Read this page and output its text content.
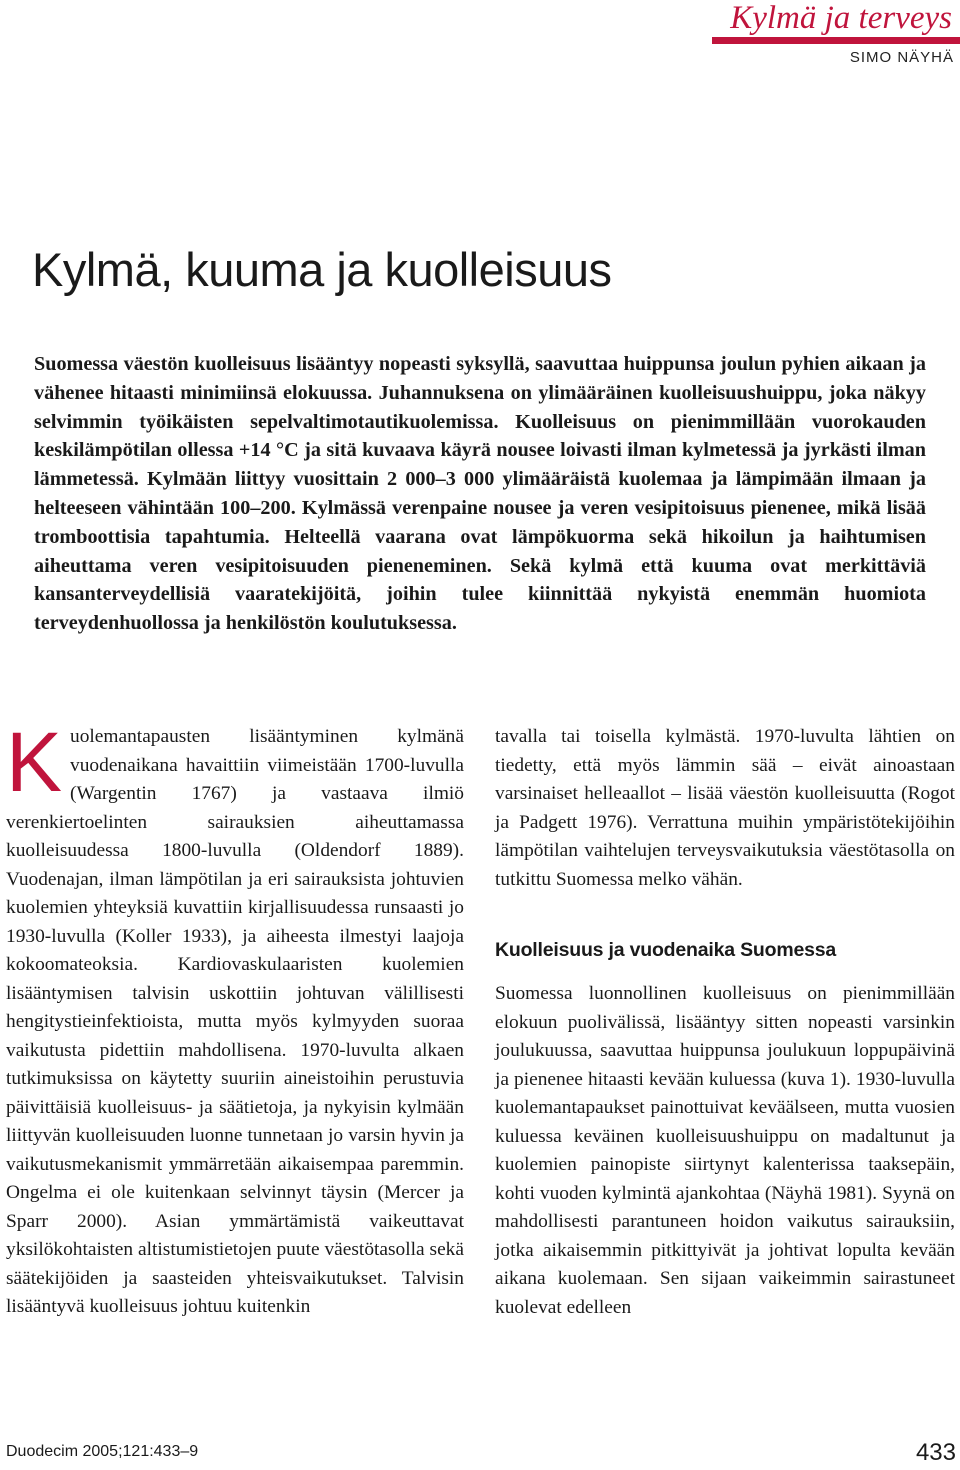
Kylmä ja terveys
SIMO NÄYHÄ
Kylmä, kuuma ja kuolleisuus

Suomessa väestön kuolleisuus lisääntyy nopeasti syksyllä, saavuttaa huippunsa joulun pyhien aikaan ja vähenee hitaasti minimiinsä elokuussa. Juhannuksena on ylimääräinen kuolleisuushuippu, joka näkyy selvimmin työikäisten sepelvaltimotautikuolemissa. Kuolleisuus on pienimmillään vuorokauden keskilämpötilan ollessa +14 °C ja sitä kuvaava käyrä nousee loivasti ilman kylmetessä ja jyrkästi ilman lämmetessä. Kylmään liittyy vuosittain 2 000–3 000 ylimääräistä kuolemaa ja lämpimään ilmaan ja helteeseen vähintään 100–200. Kylmässä verenpaine nousee ja veren vesipitoisuus pienenee, mikä lisää tromboottisia tapahtumia. Helteellä vaarana ovat lämpökuorma sekä hikoilun ja haihtumisen aiheuttama veren vesipitoisuuden pieneneminen. Sekä kylmä että kuuma ovat merkittäviä kansanterveydellisiä vaaratekijöitä, joihin tulee kiinnittää nykyistä enemmän huomiota terveydenhuollossa ja henkilöstön koulutuksessa.

Kuolemantapausten lisääntyminen kylmänä vuodenaikana havaittiin viimeistään 1700-luvulla (Wargentin 1767) ja vastaava ilmiö verenkiertoelinten sairauksien aiheuttamassa kuolleisuudessa 1800-luvulla (Oldendorf 1889). Vuodenajan, ilman lämpötilan ja eri sairauksista johtuvien kuolemien yhteyksiä kuvattiin kirjallisuudessa runsaasti jo 1930-luvulla (Koller 1933), ja aiheesta ilmestyi laajoja kokoomateoksia. Kardiovaskulaaristen kuolemien lisääntymisen talvisin uskottiin johtuvan välillisesti hengitystieinfektioista, mutta myös kylmyyden suoraa vaikutusta pidettiin mahdollisena. 1970-luvulta alkaen tutkimuksissa on käytetty suuriin aineistoihin perustuvia päivittäisiä kuolleisuus- ja säätietoja, ja nykyisin kylmään liittyvän kuolleisuuden luonne tunnetaan jo varsin hyvin ja vaikutusmekanismit ymmärretään aikaisempaa paremmin. Ongelma ei ole kuitenkaan selvinnyt täysin (Mercer ja Sparr 2000). Asian ymmärtämistä vaikeuttavat yksilökohtaisten altistumistietojen puute väestötasolla sekä säätekijöiden ja saasteiden yhteisvaikutukset. Talvisin lisääntyvä kuolleisuus johtuu kuitenkin

tavalla tai toisella kylmästä. 1970-luvulta lähtien on tiedetty, että myös lämmin sää – eivät ainoastaan varsinaiset helleaallot – lisää väestön kuolleisuutta (Rogot ja Padgett 1976). Verrattuna muihin ympäristötekijöihin lämpötilan vaihtelujen terveysvaikutuksia väestötasolla on tutkittu Suomessa melko vähän.

Kuolleisuus ja vuodenaika Suomessa

Suomessa luonnollinen kuolleisuus on pienimmillään elokuun puolivälissä, lisääntyy sitten nopeasti varsinkin joulukuussa, saavuttaa huippunsa joulukuun loppupäivinä ja pienenee hitaasti kevään kuluessa (kuva 1). 1930-luvulla kuolemantapaukset painottuivat keväälseen, mutta vuosien kuluessa keväinen kuolleisuushuippu on madaltunut ja kuolemien painopiste siirtynyt kalenterissa taaksepäin, kohti vuoden kylmintä ajankohtaa (Näyhä 1981). Syynä on mahdollisesti parantuneen hoidon vaikutus sairauksiin, jotka aikaisemmin pitkittyivät ja johtivat lopulta kevään aikana kuolemaan. Sen sijaan vaikeimmin sairastuneet kuolevat edelleen

Duodecim 2005;121:433–9	433
